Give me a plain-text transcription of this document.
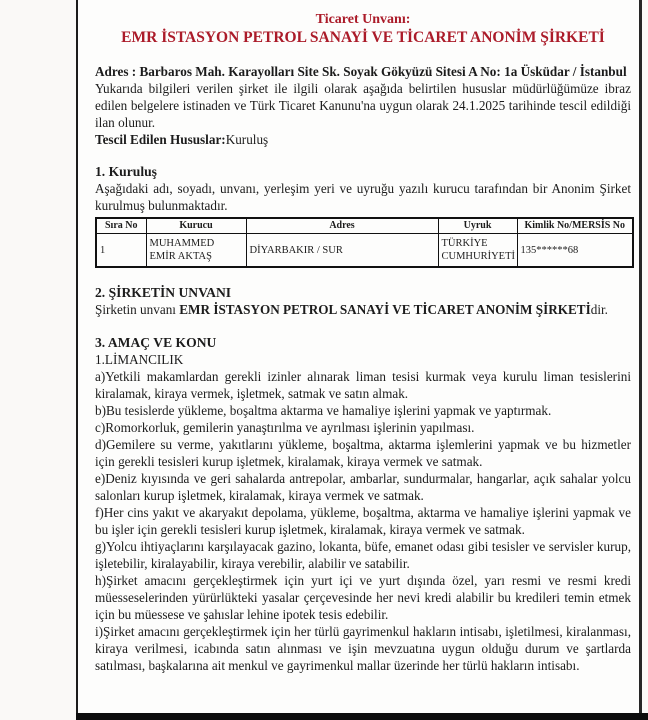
Ticaret Unvanı:
EMR İSTASYON PETROL SANAYİ VE TİCARET ANONİM ŞİRKETİ
Adres : Barbaros Mah. Karayolları Site Sk. Soyak Gökyüzü Sitesi A No: 1a Üsküdar / İstanbul
Yukarıda bilgileri verilen şirket ile ilgili olarak aşağıda belirtilen hususlar müdürlüğümüze ibraz edilen belgelere istinaden ve Türk Ticaret Kanunu'na uygun olarak 24.1.2025 tarihinde tescil edildiği ilan olunur.
Tescil Edilen Hususlar:Kuruluş
1. Kuruluş
Aşağıdaki adı, soyadı, unvanı, yerleşim yeri ve uyruğu yazılı kurucu tarafından bir Anonim Şirket kurulmuş bulunmaktadır.
Sıra No	Kurucu	Adres	Uyruk	Kimlik No/MERSİS No
1	MUHAMMED EMİR AKTAŞ	DİYARBAKIR / SUR	TÜRKİYE CUMHURİYETİ	135******68
2. ŞİRKETİN UNVANI
Şirketin unvanı EMR İSTASYON PETROL SANAYİ VE TİCARET ANONİM ŞİRKETİdir.
3. AMAÇ VE KONU
1.LİMANCILIK
a)Yetkili makamlardan gerekli izinler alınarak liman tesisi kurmak veya kurulu liman tesislerini kiralamak, kiraya vermek, işletmek, satmak ve satın almak.
b)Bu tesislerde yükleme, boşaltma aktarma ve hamaliye işlerini yapmak ve yaptırmak.
c)Romorkorluk, gemilerin yanaştırılma ve ayrılması işlerinin yapılması.
d)Gemilere su verme, yakıtlarını yükleme, boşaltma, aktarma işlemlerini yapmak ve bu hizmetler için gerekli tesisleri kurup işletmek, kiralamak, kiraya vermek ve satmak.
e)Deniz kıyısında ve geri sahalarda antrepolar, ambarlar, sundurmalar, hangarlar, açık sahalar yolcu salonları kurup işletmek, kiralamak, kiraya vermek ve satmak.
f)Her cins yakıt ve akaryakıt depolama, yükleme, boşaltma, aktarma ve hamaliye işlerini yapmak ve bu işler için gerekli tesisleri kurup işletmek, kiralamak, kiraya vermek ve satmak.
g)Yolcu ihtiyaçlarını karşılayacak gazino, lokanta, büfe, emanet odası gibi tesisler ve servisler kurup, işletebilir, kiralayabilir, kiraya verebilir, alabilir ve satabilir.
h)Şirket amacını gerçekleştirmek için yurt içi ve yurt dışında özel, yarı resmi ve resmi kredi müesseselerinden yürürlükteki yasalar çerçevesinde her nevi kredi alabilir bu kredileri temin etmek için bu müessese ve şahıslar lehine ipotek tesis edebilir.
i)Şirket amacını gerçekleştirmek için her türlü gayrimenkul hakların intisabı, işletilmesi, kiralanması, kiraya verilmesi, icabında satın alınması ve işin mevzuatına uygun olduğu durum ve şartlarda satılması, başkalarına ait menkul ve gayrimenkul mallar üzerinde her türlü hakların intisabı.
